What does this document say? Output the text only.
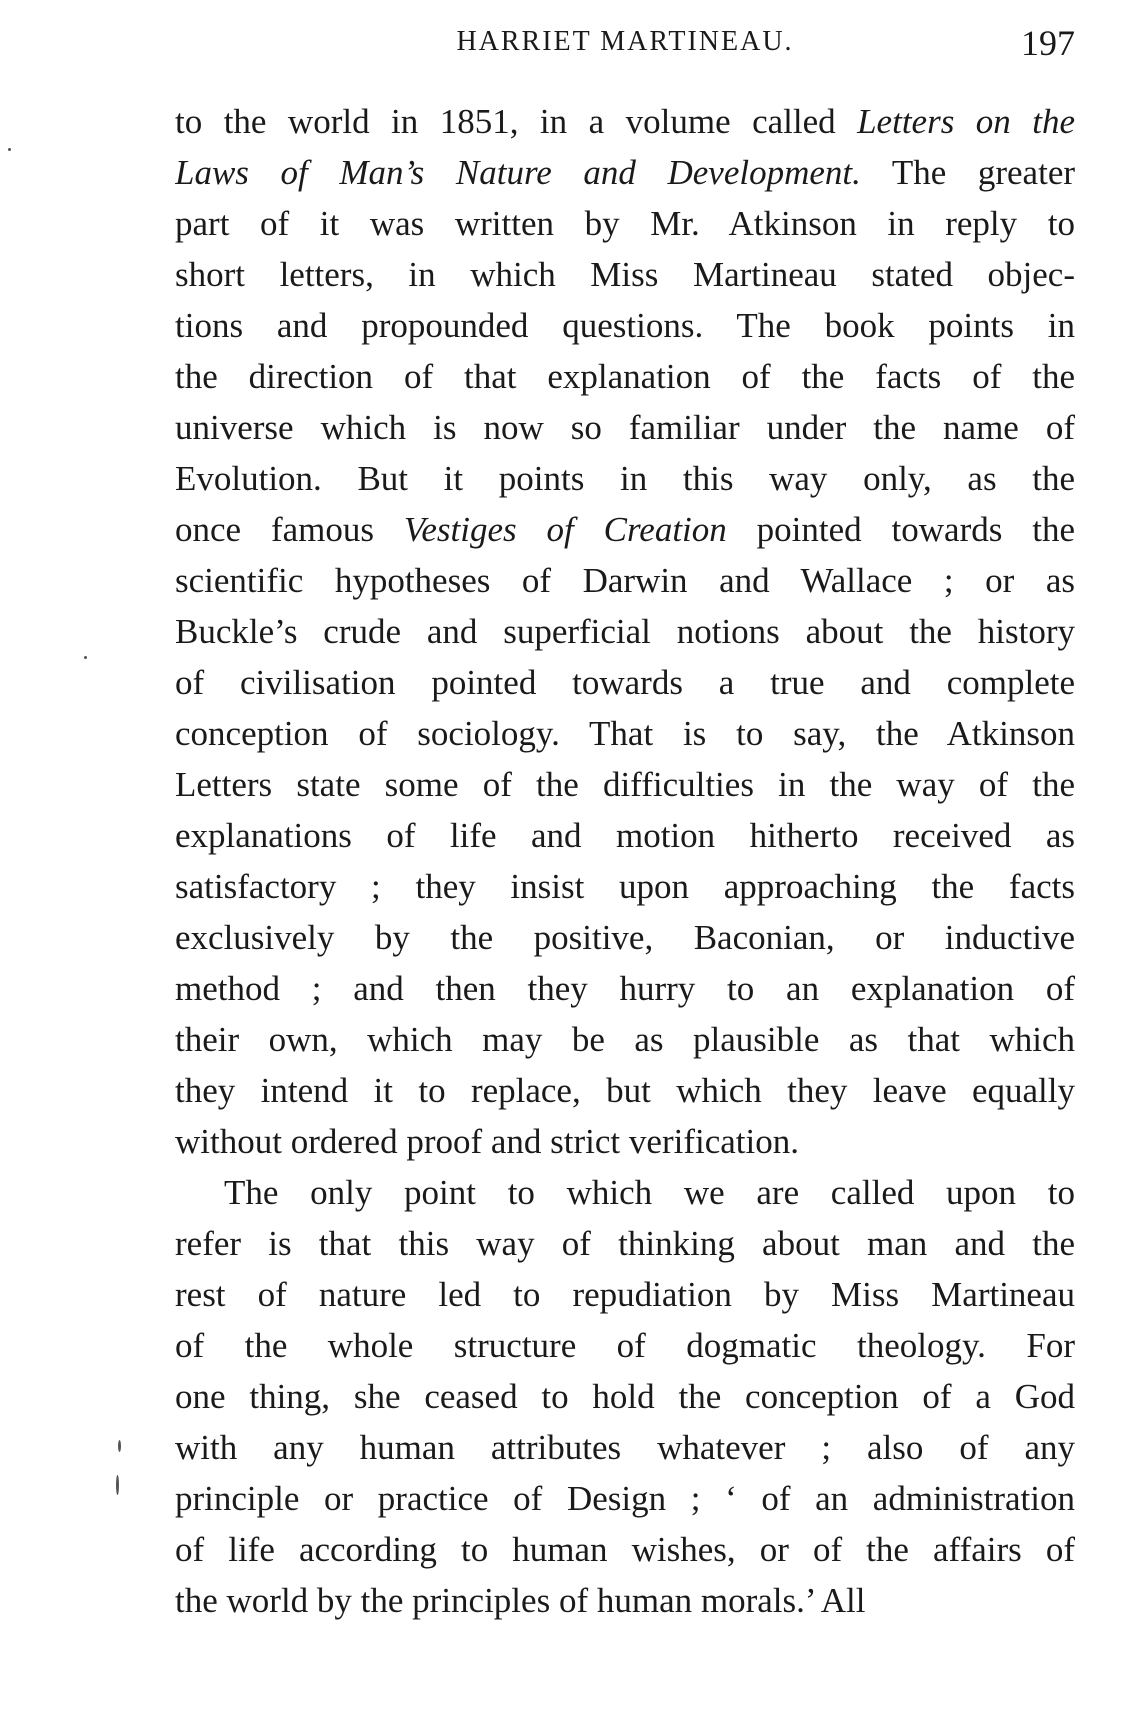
HARRIET MARTINEAU.	197
to the world in 1851, in a volume called Letters on the
Laws of Man’s Nature and Development. The greater
part of it was written by Mr. Atkinson in reply to
short letters, in which Miss Martineau stated objec-
tions and propounded questions. The book points in
the direction of that explanation of the facts of the
universe which is now so familiar under the name of
Evolution. But it points in this way only, as the
once famous Vestiges of Creation pointed towards the
scientific hypotheses of Darwin and Wallace ; or as
Buckle’s crude and superficial notions about the history
of civilisation pointed towards a true and complete
conception of sociology. That is to say, the Atkinson
Letters state some of the difficulties in the way of the
explanations of life and motion hitherto received as
satisfactory ; they insist upon approaching the facts
exclusively by the positive, Baconian, or inductive
method ; and then they hurry to an explanation of
their own, which may be as plausible as that which
they intend it to replace, but which they leave equally
without ordered proof and strict verification.
The only point to which we are called upon to
refer is that this way of thinking about man and the
rest of nature led to repudiation by Miss Martineau
of the whole structure of dogmatic theology. For
one thing, she ceased to hold the conception of a God
with any human attributes whatever ; also of any
principle or practice of Design ; ‘ of an administration
of life according to human wishes, or of the affairs of
the world by the principles of human morals.’ All
